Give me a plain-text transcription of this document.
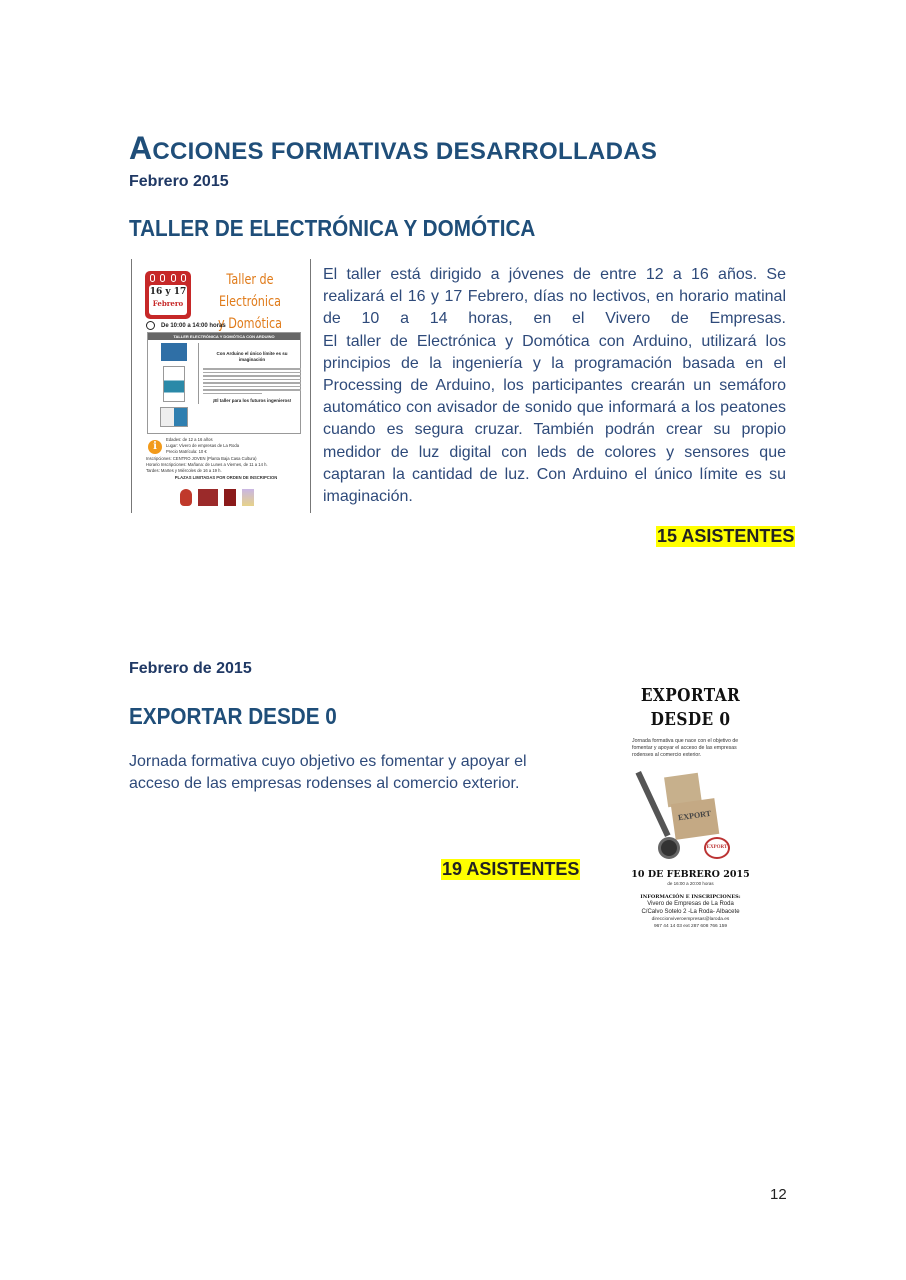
ACCIONES FORMATIVAS DESARROLLADAS
Febrero 2015
TALLER DE ELECTRÓNICA Y DOMÓTICA
16 y 17
Febrero
Taller de Electrónica
y Domótica
De 10:00 a 14:00 horas
TALLER ELECTRÓNICA Y DOMÓTICA CON ARDUINO
Con Arduino el único límite es su imaginación
¡El taller para los futuros ingenieros!
i
Edades: de 12 a 16 años
Lugar: Vivero de empresas de La Roda
Precio Matrícula: 10 €
Inscripciones: CENTRO JOVEN (Planta Baja Casa Cultura)
Horario Inscripciones: Mañana: de Lunes a Viernes, de 11 a 14 h.
Tardes: Martes y Miércoles de 16 a 19 h.
PLAZAS LIMITADAS POR ORDEN DE INSCRIPCION
El taller está dirigido a jóvenes de entre 12 a 16 años. Se realizará el 16 y 17 Febrero, días no lectivos, en horario matinal de 10 a 14 horas, en el Vivero de Empresas.
El taller de Electrónica y Domótica con Arduino, utilizará los principios de la ingeniería y la programación basada en el Processing de Arduino, los participantes crearán un semáforo automático con avisador de sonido que informará a los peatones cuando es segura cruzar. También podrán crear su propio medidor de luz digital con leds de colores y sensores que captaran la cantidad de luz. Con Arduino el único límite es su imaginación.
15 ASISTENTES
Febrero de 2015
EXPORTAR DESDE 0
Jornada formativa cuyo objetivo es fomentar y apoyar el acceso de las empresas rodenses al comercio exterior.
19 ASISTENTES
EXPORTAR
DESDE 0
Jornada formativa que nace con el objetivo de fomentar y apoyar el acceso de las empresas rodenses al comercio exterior.
EXPORT
EXPORT
10 DE FEBRERO 2015
de 16:00 a 20:00 horas
INFORMACIÓN E INSCRIPCIONES:
Vivero de Empresas de La Roda
C/Calvo Sotelo 2 -La Roda- Albacete
direccionviveroempresas@laroda.es
967 44 14 03 ext 287 608 766 159
12
